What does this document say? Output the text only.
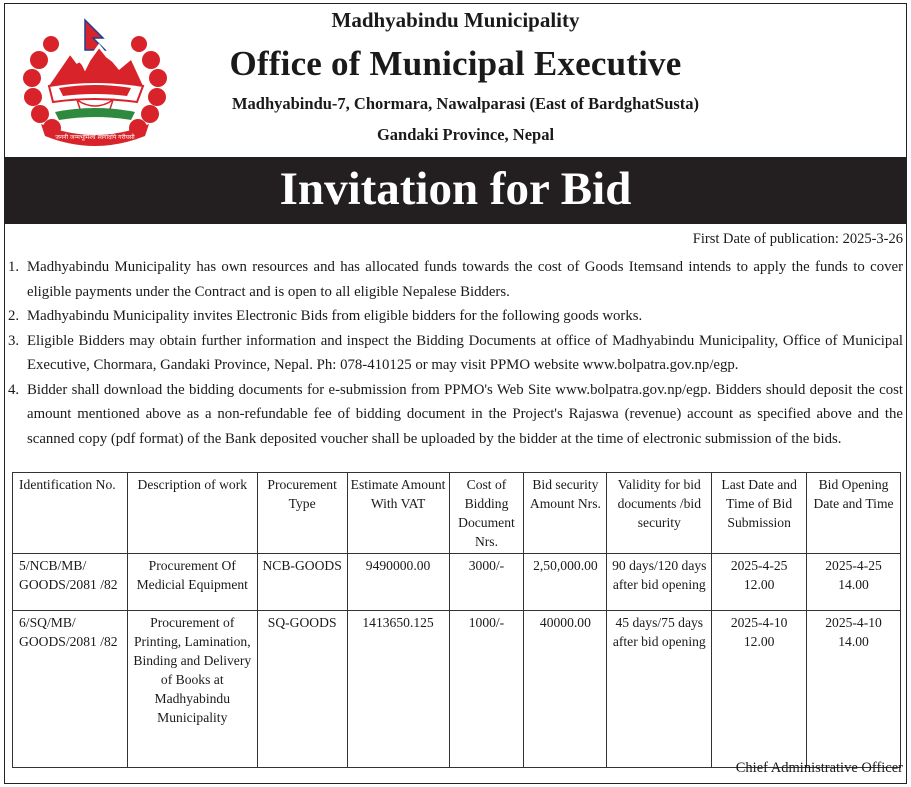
जननी जन्मभूमिश्च स्वर्गादपि गरीयसी
Madhyabindu Municipality
Office of Municipal Executive
Madhyabindu-7, Chormara, Nawalparasi (East of BardghatSusta)
Gandaki Province, Nepal
Invitation for Bid
First Date of publication: 2025-3-26
1. Madhyabindu Municipality has own resources and has allocated funds towards the cost of Goods Itemsand intends to apply the funds to cover eligible payments under the Contract and is open to all eligible Nepalese Bidders.
2. Madhyabindu Municipality invites Electronic Bids from eligible bidders for the following goods works.
3. Eligible Bidders may obtain further information and inspect the Bidding Documents at office of Madhyabindu Municipality, Office of Municipal Executive, Chormara, Gandaki Province, Nepal. Ph: 078-410125 or may visit PPMO website www.bolpatra.gov.np/egp.
4. Bidder shall download the bidding documents for e-submission from PPMO's Web Site www.bolpatra.gov.np/egp. Bidders should deposit the cost amount mentioned above as a non-refundable fee of bidding document in the Project's Rajaswa (revenue) account as specified above and the scanned copy (pdf format) of the Bank deposited voucher shall be uploaded by the bidder at the time of electronic submission of the bids.
Identification No.	Description of work	Procurement Type	Estimate Amount With VAT	Cost of Bidding Document Nrs.	Bid security Amount Nrs.	Validity for bid documents /bid security	Last Date and Time of Bid Submission	Bid Opening Date and Time
5/NCB/MB/ GOODS/2081 /82	Procurement Of Medicial Equipment	NCB-GOODS	9490000.00	3000/-	2,50,000.00	90 days/120 days after bid opening	2025-4-25 12.00	2025-4-25 14.00
6/SQ/MB/ GOODS/2081 /82	Procurement of Printing, Lamination, Binding and Delivery of Books at Madhyabindu Municipality	SQ-GOODS	1413650.125	1000/-	40000.00	45 days/75 days after bid opening	2025-4-10 12.00	2025-4-10 14.00
Chief Administrative Officer
